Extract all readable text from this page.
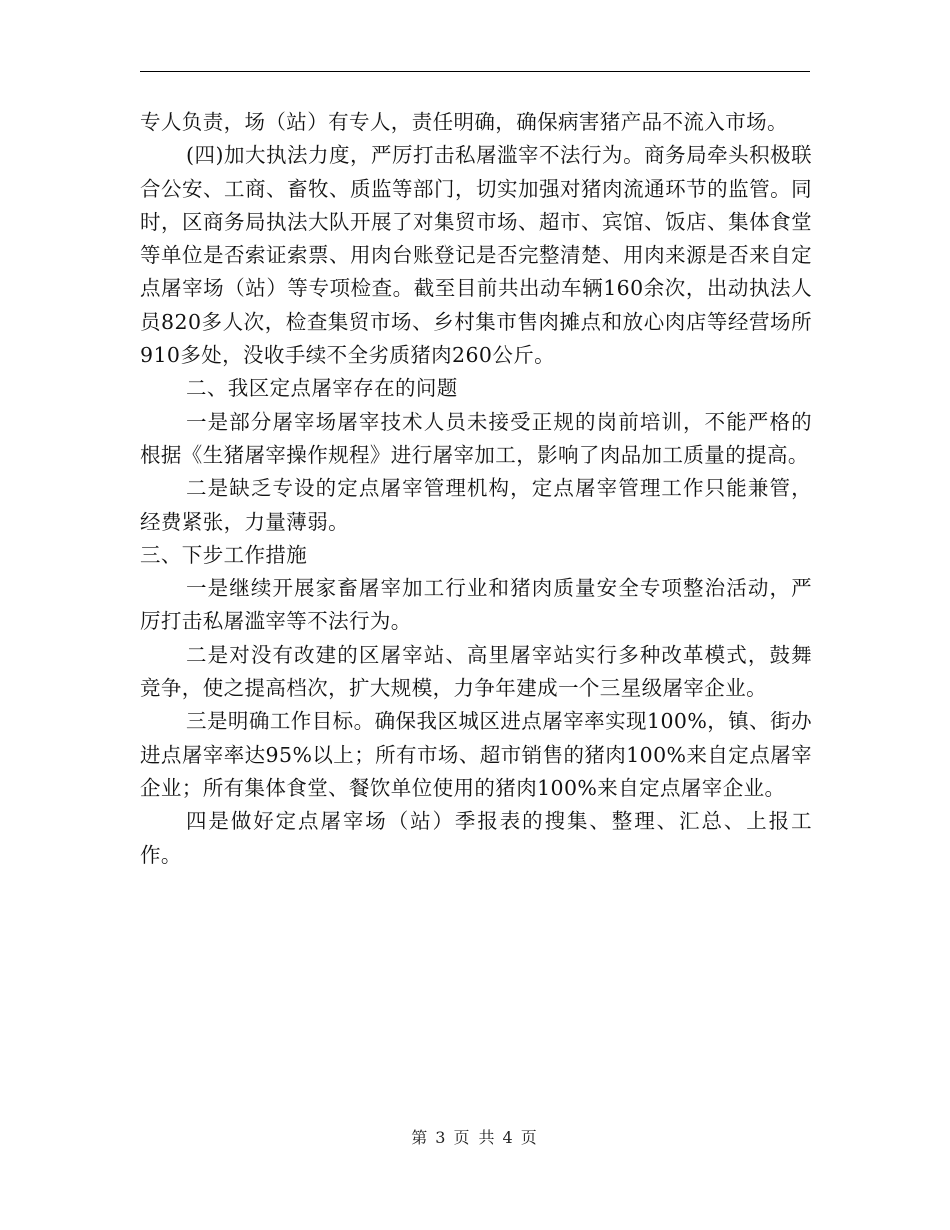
专人负责，场（站）有专人，责任明确，确保病害猪产品不流入市场。

(四)加大执法力度，严厉打击私屠滥宰不法行为。商务局牵头积极联合公安、工商、畜牧、质监等部门，切实加强对猪肉流通环节的监管。同时，区商务局执法大队开展了对集贸市场、超市、宾馆、饭店、集体食堂等单位是否索证索票、用肉台账登记是否完整清楚、用肉来源是否来自定点屠宰场（站）等专项检查。截至目前共出动车辆160余次，出动执法人员820多人次，检查集贸市场、乡村集市售肉摊点和放心肉店等经营场所910多处，没收手续不全劣质猪肉260公斤。

二、我区定点屠宰存在的问题

一是部分屠宰场屠宰技术人员未接受正规的岗前培训，不能严格的根据《生猪屠宰操作规程》进行屠宰加工，影响了肉品加工质量的提高。

二是缺乏专设的定点屠宰管理机构，定点屠宰管理工作只能兼管，经费紧张，力量薄弱。

三、下步工作措施

一是继续开展家畜屠宰加工行业和猪肉质量安全专项整治活动，严厉打击私屠滥宰等不法行为。

二是对没有改建的区屠宰站、高里屠宰站实行多种改革模式，鼓舞竞争，使之提高档次，扩大规模，力争年建成一个三星级屠宰企业。

三是明确工作目标。确保我区城区进点屠宰率实现100%，镇、街办进点屠宰率达95%以上；所有市场、超市销售的猪肉100%来自定点屠宰企业；所有集体食堂、餐饮单位使用的猪肉100%来自定点屠宰企业。

四是做好定点屠宰场（站）季报表的搜集、整理、汇总、上报工作。

第 3 页 共 4 页
